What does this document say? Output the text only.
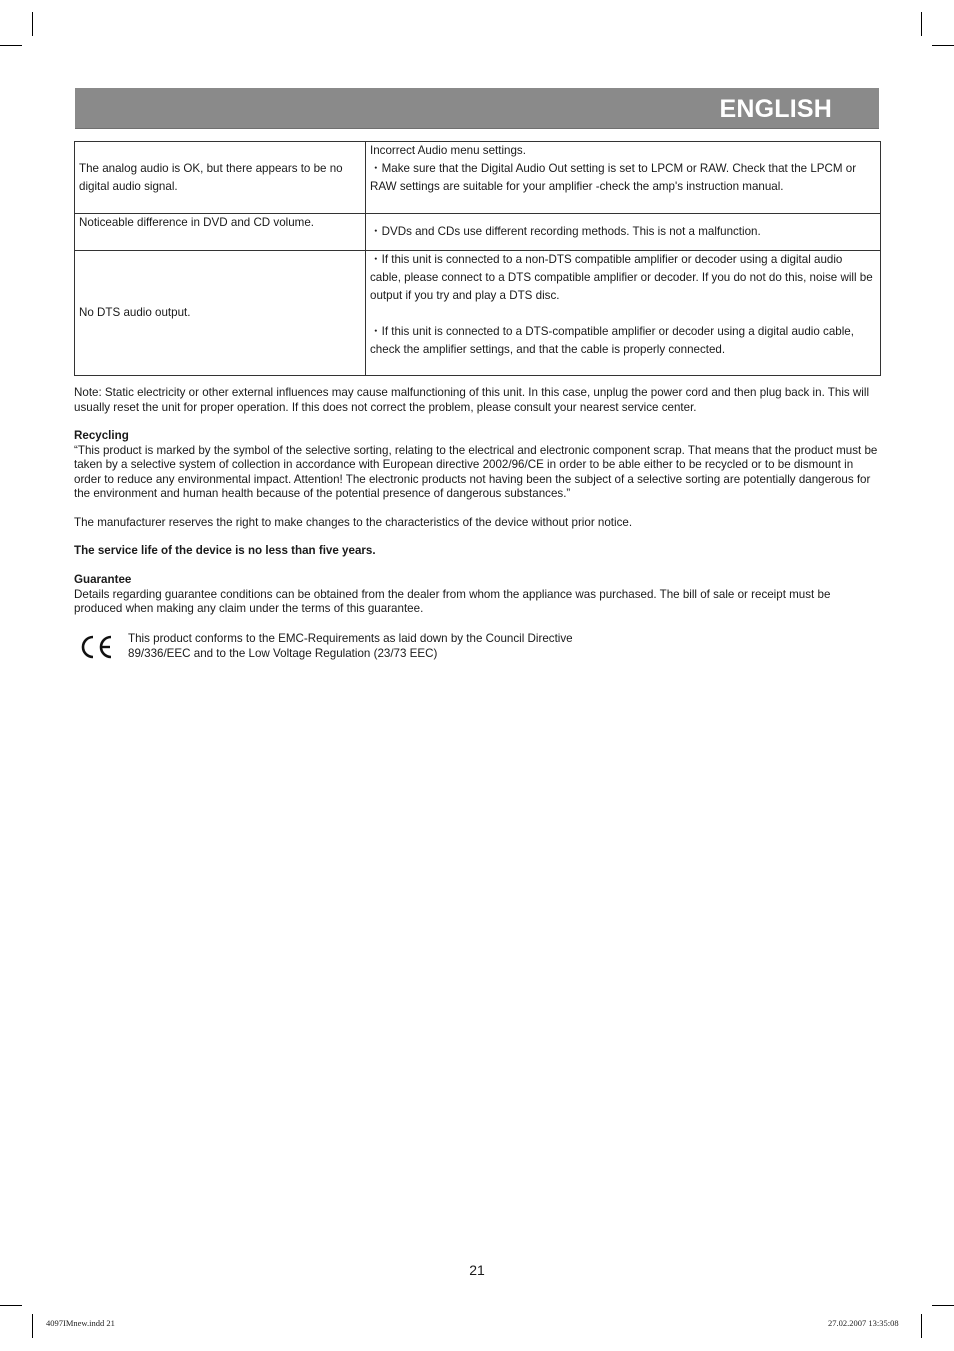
ENGLISH
The analog audio is OK, but there appears to be no digital audio signal.	Incorrect Audio menu settings.
・Make sure that the Digital Audio Out setting is set to LPCM or RAW. Check that the LPCM or RAW settings are suitable for your amplifier -check the amp's instruction manual.

Noticeable difference in DVD and CD volume.	・DVDs and CDs use different recording methods. This is not a malfunction.

No DTS audio output.	・If this unit is connected to a non-DTS compatible amplifier or decoder using a digital audio cable, please connect to a DTS compatible amplifier or decoder. If you do not do this, noise will be output if you try and play a DTS disc.
・If this unit is connected to a DTS-compatible amplifier or decoder using a digital audio cable, check the amplifier settings, and that the cable is properly connected.

Note: Static electricity or other external influences may cause malfunctioning of this unit. In this case, unplug the power cord and then plug back in. This will usually reset the unit for proper operation. If this does not correct the problem, please consult your nearest service center.

Recycling

“This product is marked by the symbol of the selective sorting, relating to the electrical and electronic component scrap. That means that the product must be taken by a selective system of collection in accordance with European directive 2002/96/CE in order to be able either to be recycled or to be dismount in order to reduce any environmental impact. Attention! The electronic products not having been the subject of a selective sorting are potentially dangerous for the environment and human health because of the potential presence of dangerous substances.”

The manufacturer reserves the right to make changes to the characteristics of the device without prior notice.

The service life of the device is no less than five years.

Guarantee

Details regarding guarantee conditions can be obtained from the dealer from whom the appliance was purchased. The bill of sale or receipt must be produced when making any claim under the terms of this guarantee.

This product conforms to the EMC-Requirements as laid down by the Council Directive
89/336/EEC and to the Low Voltage Regulation (23/73 EEC)
21
4097IMnew.indd 21	27.02.2007 13:35:08
